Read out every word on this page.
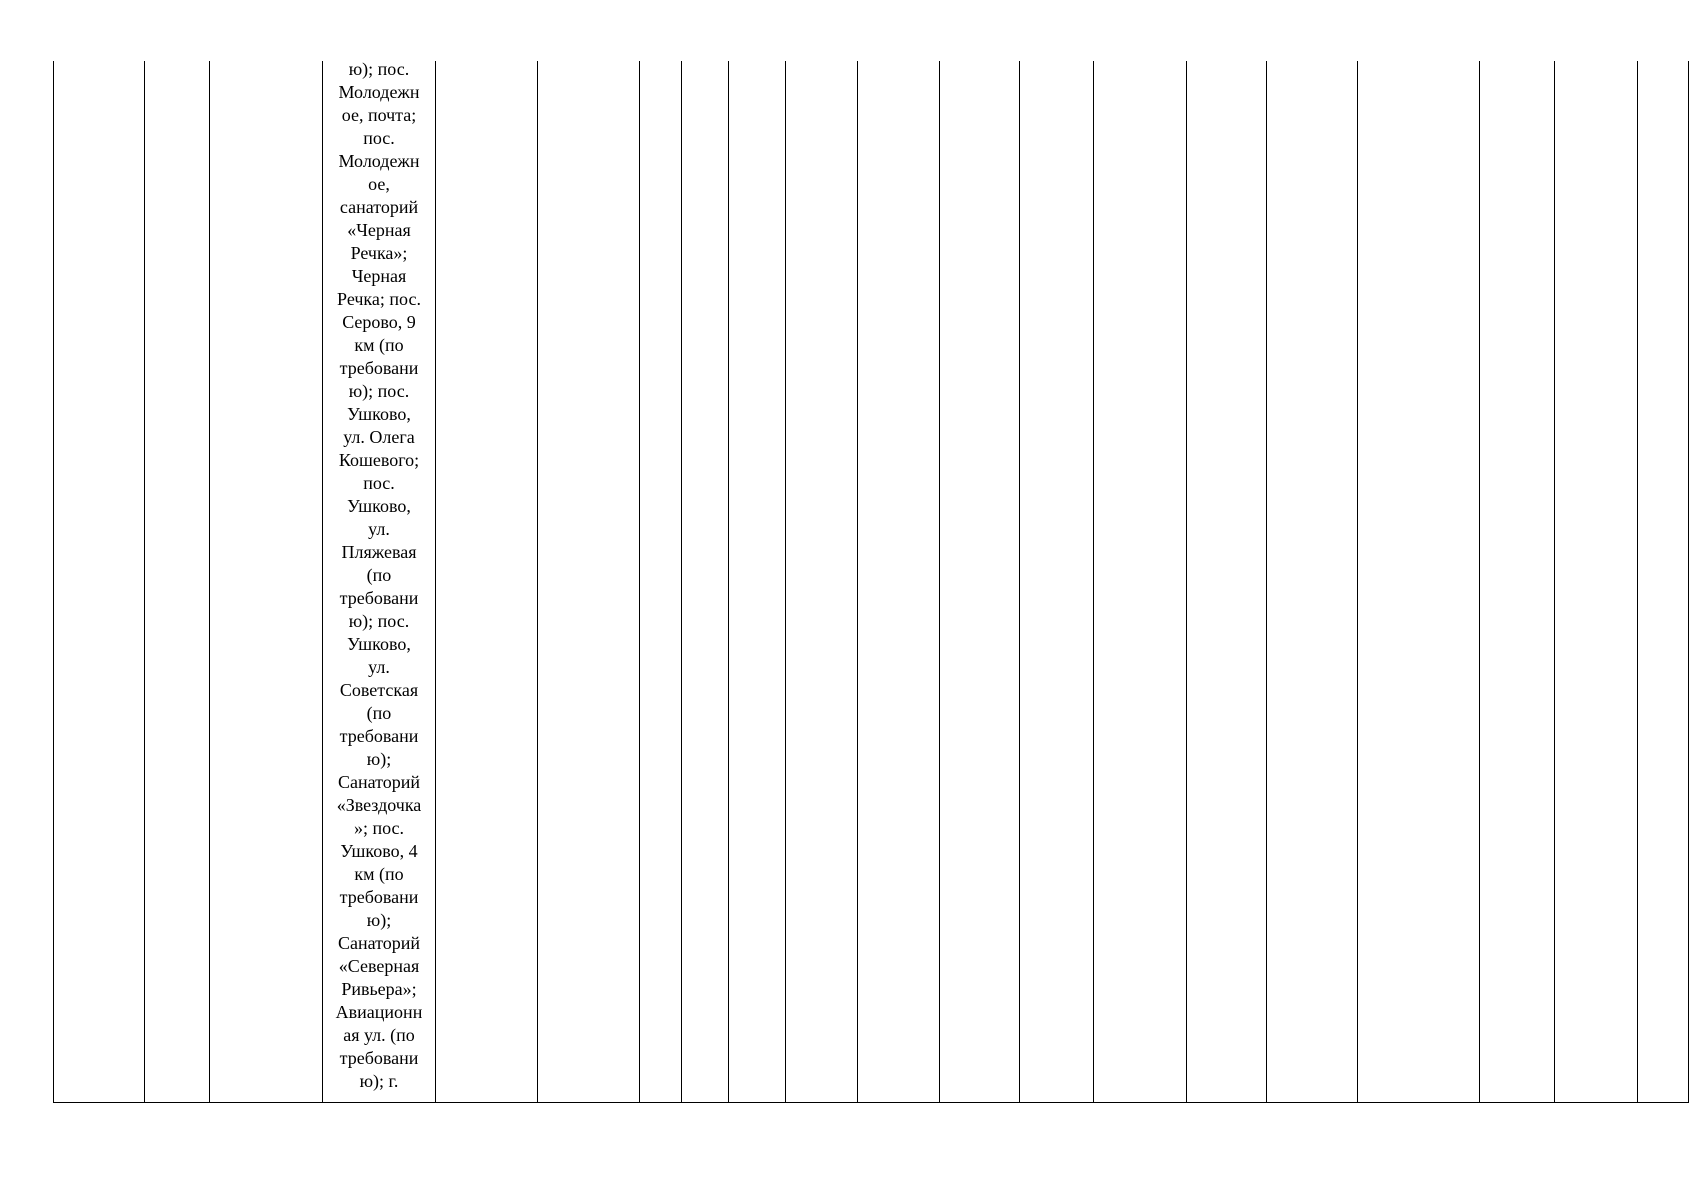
ю); пос.
Молодежн
ое, почта;
пос.
Молодежн
ое,
санаторий
«Черная
Речка»;
Черная
Речка; пос.
Серово, 9
км (по
требовани
ю); пос.
Ушково,
ул. Олега
Кошевого;
пос.
Ушково,
ул.
Пляжевая
(по
требовани
ю); пос.
Ушково,
ул.
Советская
(по
требовани
ю);
Санаторий
«Звездочка
»; пос.
Ушково, 4
км (по
требовани
ю);
Санаторий
«Северная
Ривьера»;
Авиационн
ая ул. (по
требовани
ю); г.
